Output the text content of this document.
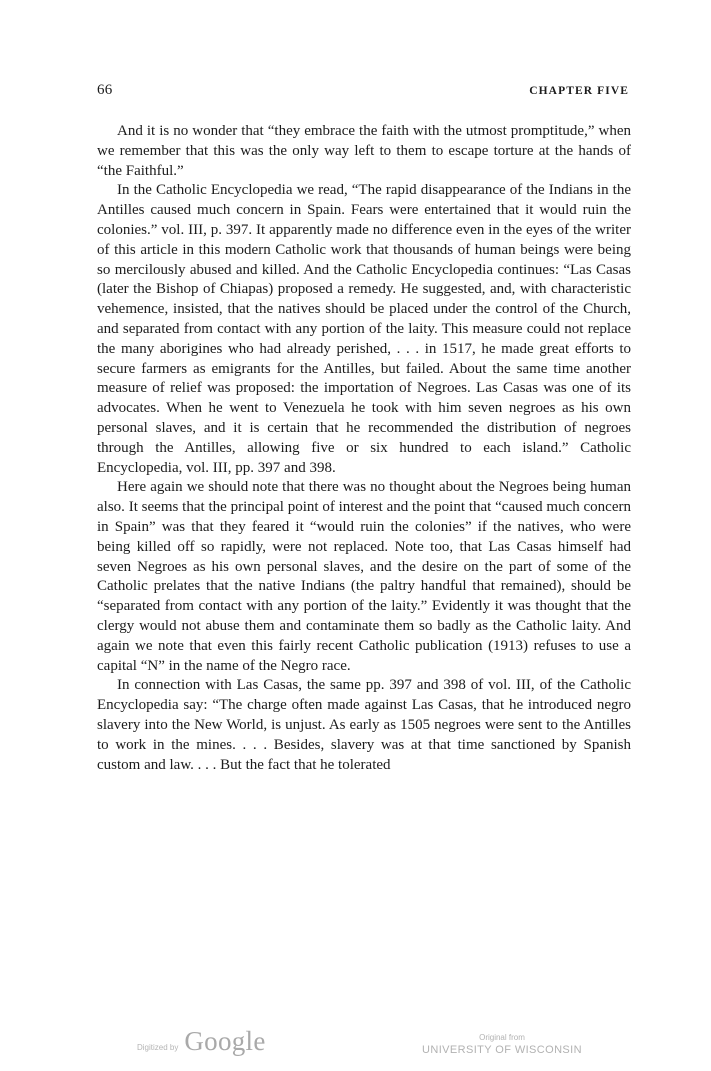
66	CHAPTER FIVE

And it is no wonder that “they embrace the faith with the utmost promptitude,” when we remember that this was the only way left to them to escape torture at the hands of “the Faithful.”

In the Catholic Encyclopedia we read, “The rapid disappearance of the Indians in the Antilles caused much concern in Spain. Fears were entertained that it would ruin the colonies.” vol. III, p. 397. It apparently made no difference even in the eyes of the writer of this article in this modern Catholic work that thousands of human beings were being so mercilously abused and killed. And the Catholic Encyclopedia continues: “Las Casas (later the Bishop of Chiapas) proposed a remedy. He suggested, and, with characteristic vehemence, insisted, that the natives should be placed under the control of the Church, and separated from contact with any portion of the laity. This measure could not replace the many aborigines who had already perished, . . . in 1517, he made great efforts to secure farmers as emigrants for the Antilles, but failed. About the same time another measure of relief was proposed: the importation of Negroes. Las Casas was one of its advocates. When he went to Venezuela he took with him seven negroes as his own personal slaves, and it is certain that he recommended the distribution of negroes through the Antilles, allowing five or six hundred to each island.” Catholic Encyclopedia, vol. III, pp. 397 and 398.

Here again we should note that there was no thought about the Negroes being human also. It seems that the principal point of interest and the point that “caused much concern in Spain” was that they feared it “would ruin the colonies” if the natives, who were being killed off so rapidly, were not replaced. Note too, that Las Casas himself had seven Negroes as his own personal slaves, and the desire on the part of some of the Catholic prelates that the native Indians (the paltry handful that remained), should be “separated from contact with any portion of the laity.” Evidently it was thought that the clergy would not abuse them and contaminate them so badly as the Catholic laity. And again we note that even this fairly recent Catholic publication (1913) refuses to use a capital “N” in the name of the Negro race.

In connection with Las Casas, the same pp. 397 and 398 of vol. III, of the Catholic Encyclopedia say: “The charge often made against Las Casas, that he introduced negro slavery into the New World, is unjust. As early as 1505 negroes were sent to the Antilles to work in the mines. . . . Besides, slavery was at that time sanctioned by Spanish custom and law. . . . But the fact that he tolerated

Digitized by Google	Original from
UNIVERSITY OF WISCONSIN
